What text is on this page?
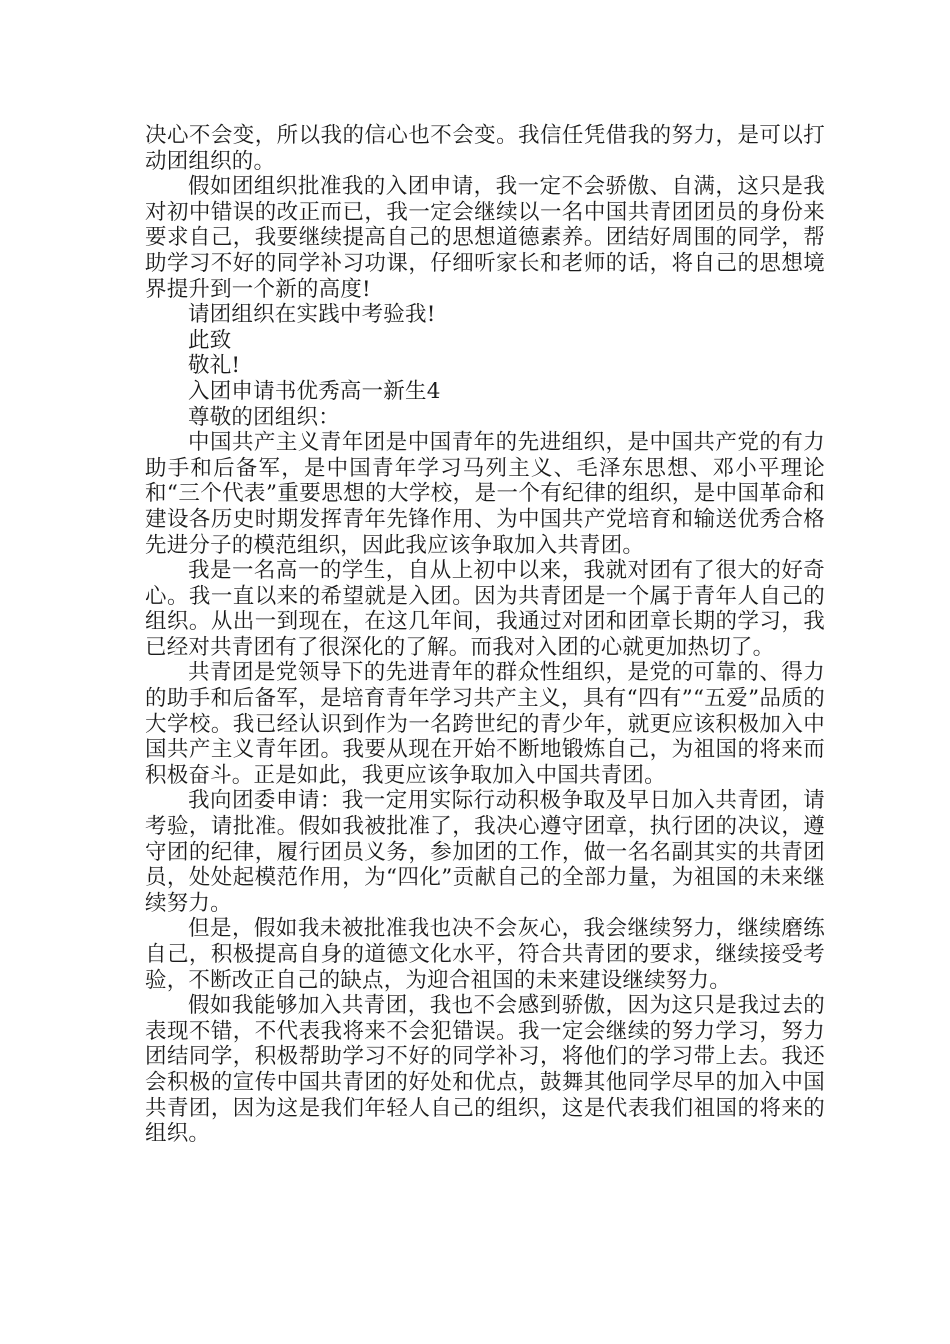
决心不会变，所以我的信心也不会变。我信任凭借我的努力，是可以打动团组织的。

假如团组织批准我的入团申请，我一定不会骄傲、自满，这只是我对初中错误的改正而已，我一定会继续以一名中国共青团团员的身份来要求自己，我要继续提高自己的思想道德素养。团结好周围的同学，帮助学习不好的同学补习功课，仔细听家长和老师的话，将自己的思想境界提升到一个新的高度!

请团组织在实践中考验我!

此致

敬礼!

入团申请书优秀高一新生4

尊敬的团组织：

中国共产主义青年团是中国青年的先进组织，是中国共产党的有力助手和后备军，是中国青年学习马列主义、毛泽东思想、邓小平理论和“三个代表”重要思想的大学校，是一个有纪律的组织，是中国革命和建设各历史时期发挥青年先锋作用、为中国共产党培育和输送优秀合格先进分子的模范组织，因此我应该争取加入共青团。

我是一名高一的学生，自从上初中以来，我就对团有了很大的好奇心。我一直以来的希望就是入团。因为共青团是一个属于青年人自己的组织。从出一到现在，在这几年间，我通过对团和团章长期的学习，我已经对共青团有了很深化的了解。而我对入团的心就更加热切了。

共青团是党领导下的先进青年的群众性组织，是党的可靠的、得力的助手和后备军，是培育青年学习共产主义，具有“四有”“五爱”品质的大学校。我已经认识到作为一名跨世纪的青少年，就更应该积极加入中国共产主义青年团。我要从现在开始不断地锻炼自己，为祖国的将来而积极奋斗。正是如此，我更应该争取加入中国共青团。

我向团委申请：我一定用实际行动积极争取及早日加入共青团，请考验，请批准。假如我被批准了，我决心遵守团章，执行团的决议，遵守团的纪律，履行团员义务，参加团的工作，做一名名副其实的共青团员，处处起模范作用，为“四化”贡献自己的全部力量，为祖国的未来继续努力。

但是，假如我未被批准我也决不会灰心，我会继续努力，继续磨练自己，积极提高自身的道德文化水平，符合共青团的要求，继续接受考验，不断改正自己的缺点，为迎合祖国的未来建设继续努力。

假如我能够加入共青团，我也不会感到骄傲，因为这只是我过去的表现不错，不代表我将来不会犯错误。我一定会继续的努力学习，努力团结同学，积极帮助学习不好的同学补习，将他们的学习带上去。我还会积极的宣传中国共青团的好处和优点，鼓舞其他同学尽早的加入中国共青团，因为这是我们年轻人自己的组织，这是代表我们祖国的将来的组织。
